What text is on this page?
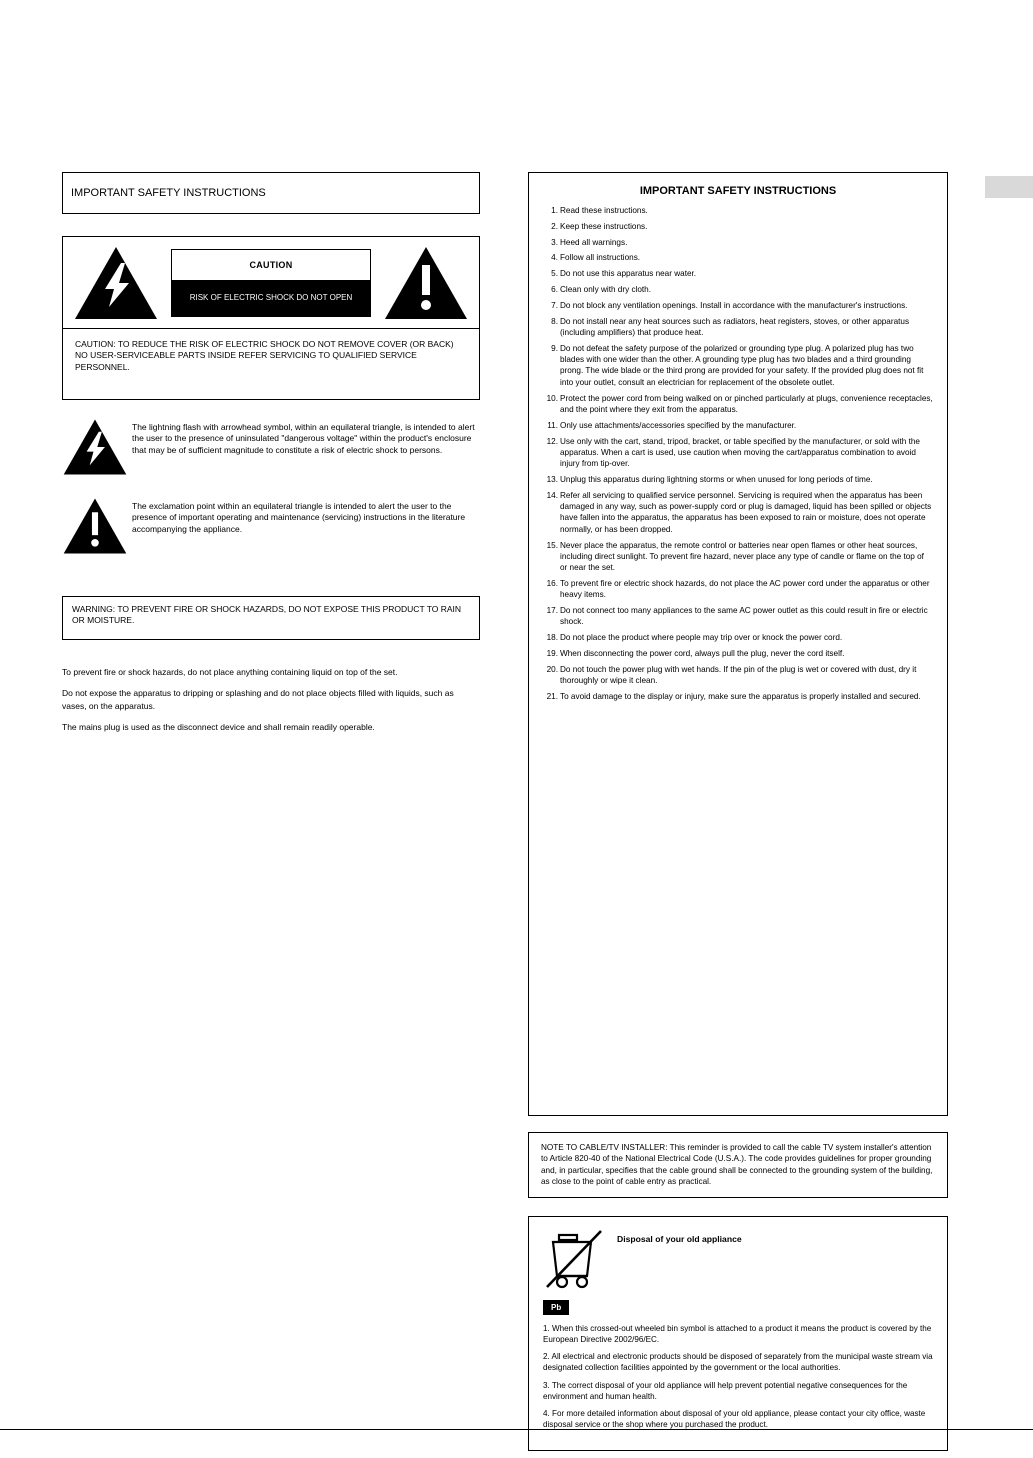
IMPORTANT SAFETY INSTRUCTIONS
CAUTION
RISK OF ELECTRIC SHOCK DO NOT OPEN
CAUTION: TO REDUCE THE RISK OF ELECTRIC SHOCK DO NOT REMOVE COVER (OR BACK) NO USER-SERVICEABLE PARTS INSIDE REFER SERVICING TO QUALIFIED SERVICE PERSONNEL.
The lightning flash with arrowhead symbol, within an equilateral triangle, is intended to alert the user to the presence of uninsulated "dangerous voltage" within the product's enclosure that may be of sufficient magnitude to constitute a risk of electric shock to persons.
The exclamation point within an equilateral triangle is intended to alert the user to the presence of important operating and maintenance (servicing) instructions in the literature accompanying the appliance.
WARNING: TO PREVENT FIRE OR SHOCK HAZARDS, DO NOT EXPOSE THIS PRODUCT TO RAIN OR MOISTURE.

To prevent fire or shock hazards, do not place anything containing liquid on top of the set.

Do not expose the apparatus to dripping or splashing and do not place objects filled with liquids, such as vases, on the apparatus.

The mains plug is used as the disconnect device and shall remain readily operable.

IMPORTANT SAFETY INSTRUCTIONS
1. Read these instructions.
2. Keep these instructions.
3. Heed all warnings.
4. Follow all instructions.
5. Do not use this apparatus near water.
6. Clean only with dry cloth.
7. Do not block any ventilation openings. Install in accordance with the manufacturer's instructions.
8. Do not install near any heat sources such as radiators, heat registers, stoves, or other apparatus (including amplifiers) that produce heat.
9. Do not defeat the safety purpose of the polarized or grounding type plug. A polarized plug has two blades with one wider than the other. A grounding type plug has two blades and a third grounding prong. The wide blade or the third prong are provided for your safety. If the provided plug does not fit into your outlet, consult an electrician for replacement of the obsolete outlet.
10. Protect the power cord from being walked on or pinched particularly at plugs, convenience receptacles, and the point where they exit from the apparatus.
11. Only use attachments/accessories specified by the manufacturer.
12. Use only with the cart, stand, tripod, bracket, or table specified by the manufacturer, or sold with the apparatus. When a cart is used, use caution when moving the cart/apparatus combination to avoid injury from tip-over.
13. Unplug this apparatus during lightning storms or when unused for long periods of time.
14. Refer all servicing to qualified service personnel. Servicing is required when the apparatus has been damaged in any way, such as power-supply cord or plug is damaged, liquid has been spilled or objects have fallen into the apparatus, the apparatus has been exposed to rain or moisture, does not operate normally, or has been dropped.
15. Never place the apparatus, the remote control or batteries near open flames or other heat sources, including direct sunlight. To prevent fire hazard, never place any type of candle or flame on the top of or near the set.
16. To prevent fire or electric shock hazards, do not place the AC power cord under the apparatus or other heavy items.
17. Do not connect too many appliances to the same AC power outlet as this could result in fire or electric shock.
18. Do not place the product where people may trip over or knock the power cord.
19. When disconnecting the power cord, always pull the plug, never the cord itself.
20. Do not touch the power plug with wet hands. If the pin of the plug is wet or covered with dust, dry it thoroughly or wipe it clean.
21. To avoid damage to the display or injury, make sure the apparatus is properly installed and secured.
NOTE TO CABLE/TV INSTALLER: This reminder is provided to call the cable TV system installer's attention to Article 820-40 of the National Electrical Code (U.S.A.). The code provides guidelines for proper grounding and, in particular, specifies that the cable ground shall be connected to the grounding system of the building, as close to the point of cable entry as practical.
Disposal of your old appliance
Pb

1. When this crossed-out wheeled bin symbol is attached to a product it means the product is covered by the European Directive 2002/96/EC.

2. All electrical and electronic products should be disposed of separately from the municipal waste stream via designated collection facilities appointed by the government or the local authorities.

3. The correct disposal of your old appliance will help prevent potential negative consequences for the environment and human health.

4. For more detailed information about disposal of your old appliance, please contact your city office, waste disposal service or the shop where you purchased the product.
